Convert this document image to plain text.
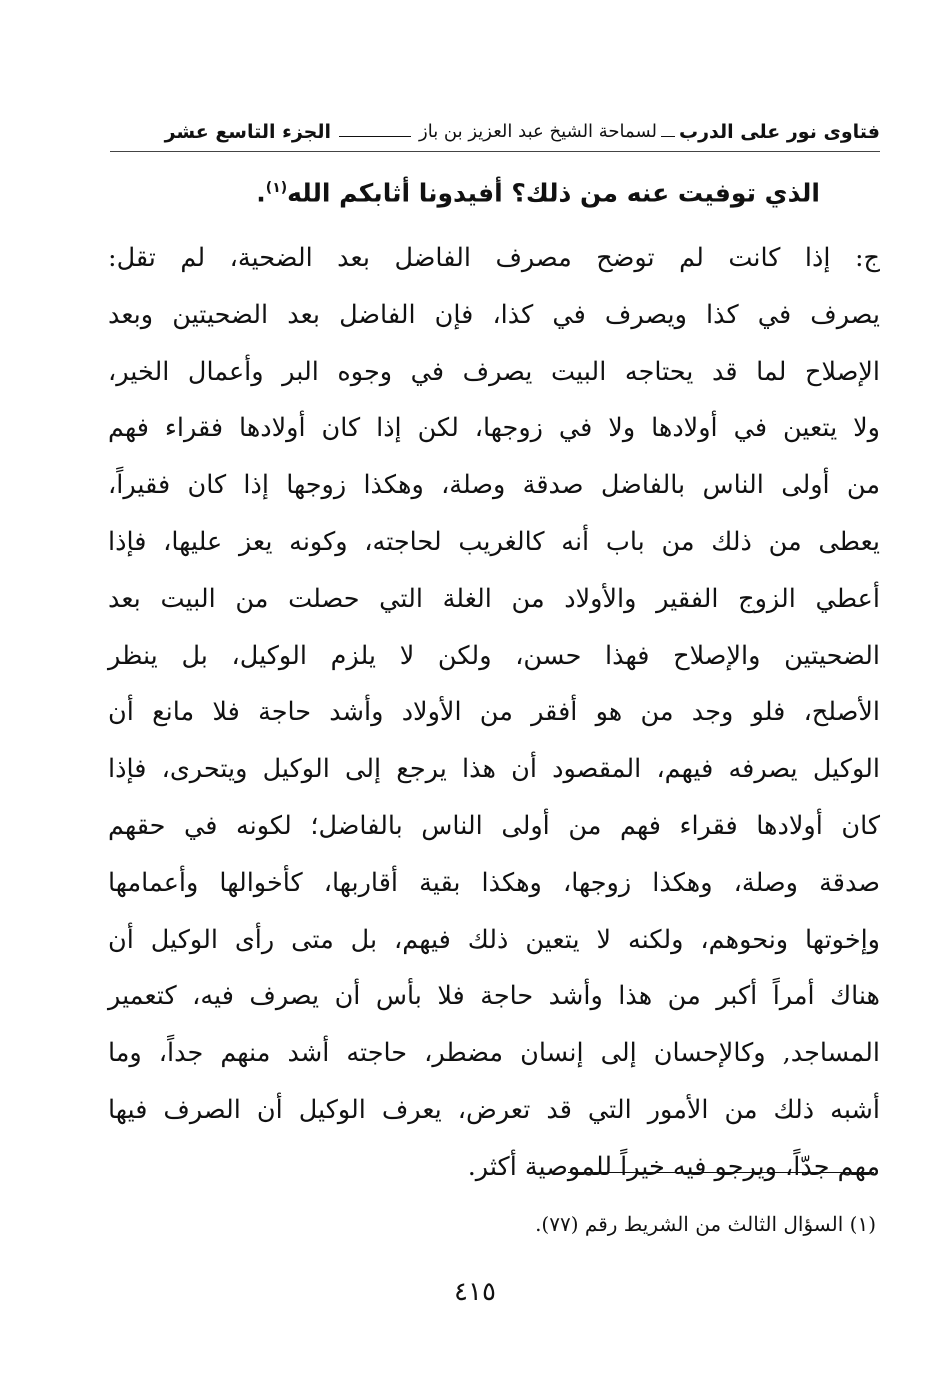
فتاوى نور على الدرب
لسماحة الشيخ عبد العزيز بن باز
الجزء التاسع عشر
الذي توفيت عنه من ذلك؟ أفيدونا أثابكم الله$^{(١)}$.
ج: إذا كانت لم توضح مصرف الفاضل بعد الضحية، لم تقل:
يصرف في كذا ويصرف في كذا، فإن الفاضل بعد الضحيتين وبعد
الإصلاح لما قد يحتاجه البيت يصرف في وجوه البر وأعمال الخير،
ولا يتعين في أولادها ولا في زوجها، لكن إذا كان أولادها فقراء فهم
من أولى الناس بالفاضل صدقة وصلة، وهكذا زوجها إذا كان فقيراً،
يعطى من ذلك من باب أنه كالغريب لحاجته، وكونه يعز عليها، فإذا
أعطي الزوج الفقير والأولاد من الغلة التي حصلت من البيت بعد
الضحيتين والإصلاح فهذا حسن، ولكن لا يلزم الوكيل، بل ينظر
الأصلح، فلو وجد من هو أفقر من الأولاد وأشد حاجة فلا مانع أن
الوكيل يصرفه فيهم، المقصود أن هذا يرجع إلى الوكيل ويتحرى، فإذا
كان أولادها فقراء فهم من أولى الناس بالفاضل؛ لكونه في حقهم
صدقة وصلة، وهكذا زوجها، وهكذا بقية أقاربها، كأخوالها وأعمامها
وإخوتها ونحوهم، ولكنه لا يتعين ذلك فيهم، بل متى رأى الوكيل أن
هناك أمراً أكبر من هذا وأشد حاجة فلا بأس أن يصرف فيه، كتعمير
المساجد, وكالإحسان إلى إنسان مضطر، حاجته أشد منهم جداً، وما
أشبه ذلك من الأمور التي قد تعرض، يعرف الوكيل أن الصرف فيها
مهم جدّاً، ويرجو فيه خيراً للموصية أكثر.
(١) السؤال الثالث من الشريط رقم (٧٧).
٤١٥
